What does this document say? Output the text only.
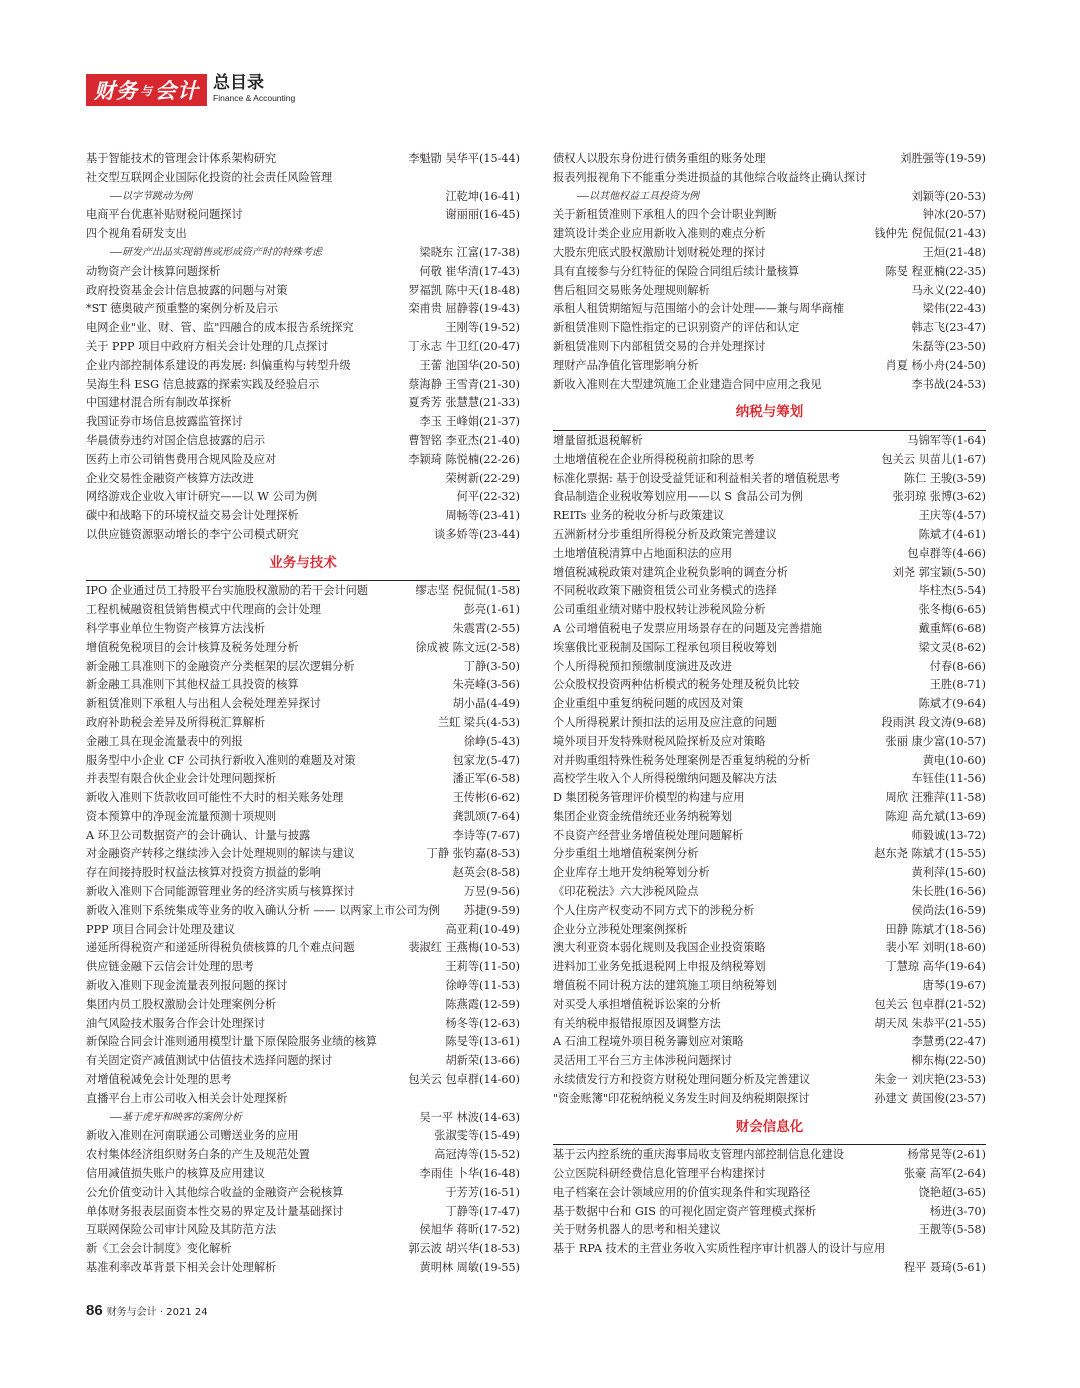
财务 与 会计 总目录
Finance & Accounting
基于智能技术的管理会计体系架构研究	李魁勖 吴华平(15-44)
社交型互联网企业国际化投资的社会责任风险管理
——以字节跳动为例	江乾坤(16-41)
电商平台优惠补贴财税问题探讨	谢丽丽(16-45)
四个视角看研发支出
——研发产出品实现销售或形成资产时的特殊考虑	梁晓东 江富(17-38)
动物资产会计核算问题探析	何敬 崔华清(17-43)
政府投资基金会计信息披露的问题与对策	罗福凯 陈中天(18-48)
*ST 德奥破产预重整的案例分析及启示	栾甫贵 屈静蓉(19-43)
电网企业"业、财、管、监"四融合的成本报告系统探究	王刚等(19-52)
关于 PPP 项目中政府方相关会计处理的几点探讨	丁永志 牛卫红(20-47)
企业内部控制体系建设的再发展: 纠偏重构与转型升级	王蕾 池国华(20-50)
吴海生科 ESG 信息披露的探索实践及经验启示	蔡海静 王雪青(21-30)
中国建材混合所有制改革探析	夏秀芳 张慧慧(21-33)
我国证券市场信息披露监管探讨	李玉 王峰娟(21-37)
华晨债券违约对国企信息披露的启示	曹智铭 李亚杰(21-40)
医药上市公司销售费用合规风险及应对	李颖琦 陈悦楠(22-26)
企业交易性金融资产核算方法改进	荣树新(22-29)
网络游戏企业收入审计研究——以 W 公司为例	何平(22-32)
碳中和战略下的环境权益交易会计处理探析	周畅等(23-41)
以供应链资源驱动增长的李宁公司模式研究	谈多娇等(23-44)
业务与技术
IPO 企业通过员工持股平台实施股权激励的若干会计问题	缪志坚 倪侃侃(1-58)
工程机械融资租赁销售模式中代理商的会计处理	彭亮(1-61)
科学事业单位生物资产核算方法浅析	朱震霄(2-55)
增值税免税项目的会计核算及税务处理分析	徐成被 陈文远(2-58)
新金融工具准则下的金融资产分类框架的层次逻辑分析	丁静(3-50)
新金融工具准则下其他权益工具投资的核算	朱亮峰(3-56)
新租赁准则下承租人与出租人会税处理差异探讨	胡小晶(4-49)
政府补助税会差异及所得税汇算解析	兰虹 梁兵(4-53)
金融工具在现金流量表中的列报	徐峥(5-43)
服务型中小企业 CF 公司执行新收入准则的难题及对策	包家龙(5-47)
并表型有限合伙企业会计处理问题探析	潘正军(6-58)
新收入准则下货款收回可能性不大时的相关账务处理	王传彬(6-62)
资本预算中的净现金流量预测十项规则	龚凯颂(7-64)
A 环卫公司数据资产的会计确认、计量与披露	李诗等(7-67)
对金融资产转移之继续涉入会计处理规则的解读与建议	丁静 张钧嘉(8-53)
存在间接持股时权益法核算对投资方损益的影响	赵英会(8-58)
新收入准则下合同能源管理业务的经济实质与核算探讨	万昱(9-56)
新收入准则下系统集成等业务的收入确认分析 —— 以两家上市公司为例 苏捷(9-59)
PPP 项目合同会计处理及建议	高亚莉(10-49)
递延所得税资产和递延所得税负债核算的几个难点问题	裴淑红 王燕梅(10-53)
供应链金融下云信会计处理的思考	王莉等(11-50)
新收入准则下现金流量表列报问题的探讨	徐峥等(11-53)
集团内员工股权激励会计处理案例分析	陈燕霞(12-59)
油气风险技术服务合作会计处理探讨	杨冬等(12-63)
新保险合同会计准则通用模型计量下原保险服务业绩的核算	陈旻等(13-61)
有关固定资产减值测试中估值技术选择问题的探讨	胡新荣(13-66)
对增值税减免会计处理的思考	包关云 包卓群(14-60)
直播平台上市公司收入相关会计处理探析
——基于虎牙和映客的案例分析	吴一平 林波(14-63)
新收入准则在河南联通公司赠送业务的应用	张淑雯等(15-49)
农村集体经济组织财务白条的产生及规范处置	高冠涛等(15-52)
信用减值损失账户的核算及应用建议	李雨佳 卜华(16-48)
公允价值变动计入其他综合收益的金融资产会税核算	于芳芳(16-51)
单体财务报表层面资本性交易的界定及计量基础探讨	丁静等(17-47)
互联网保险公司审计风险及其防范方法	侯旭华 蒋昕(17-52)
新《工会会计制度》变化解析	郭云波 胡兴华(18-53)
基准利率改革背景下相关会计处理解析	黄明林 周敏(19-55)
债权人以股东身份进行债务重组的账务处理	刘胜强等(19-59)
报表列报视角下不能重分类进损益的其他综合收益终止确认探讨
——以其他权益工具投资为例	刘颖等(20-53)
关于新租赁准则下承租人的四个会计职业判断	钟冰(20-57)
建筑设计类企业应用新收入准则的难点分析	钱仲先 倪侃侃(21-43)
大股东兜底式股权激励计划财税处理的探讨	王烜(21-48)
具有直接参与分红特征的保险合同组后续计量核算	陈旻 程亚楠(22-35)
售后租回交易账务处理规则解析	马永义(22-40)
承租人租赁期缩短与范围缩小的会计处理——兼与周华商榷	梁伟(22-43)
新租赁准则下隐性指定的已识别资产的评估和认定	韩志飞(23-47)
新租赁准则下内部租赁交易的合并处理探讨	朱磊等(23-50)
理财产品净值化管理影响分析	肖夏 杨小舟(24-50)
新收入准则在大型建筑施工企业建造合同中应用之我见	李书战(24-53)
纳税与筹划
增量留抵退税解析	马锦军等(1-64)
土地增值税在企业所得税税前扣除的思考	包关云 贝苗儿(1-67)
标准化票据: 基于创设受益凭证和利益相关者的增值税思考	陈仁 王骏(3-59)
食品制造企业税收筹划应用——以 S 食品公司为例	张羽琼 张博(3-62)
REITs 业务的税收分析与政策建议	王庆等(4-57)
五洲新材分步重组所得税分析及政策完善建议	陈斌才(4-61)
土地增值税清算中占地面积法的应用	包卓群等(4-66)
增值税减税政策对建筑企业税负影响的调查分析	刘尧 郭宝颖(5-50)
不同税收政策下融资租赁公司业务模式的选择	毕柱杰(5-54)
公司重组业绩对赌中股权转让涉税风险分析	张冬梅(6-65)
A 公司增值税电子发票应用场景存在的问题及完善措施	戴重辉(6-68)
埃塞俄比亚税制及国际工程承包项目税收筹划	梁文灵(8-62)
个人所得税预扣预缴制度演进及改进	付春(8-66)
公众股权投资两种估析模式的税务处理及税负比较	王胜(8-71)
企业重组中重复纳税问题的成因及对策	陈斌才(9-64)
个人所得税累计预扣法的运用及应注意的问题	段雨淇 段文涛(9-68)
境外项目开发特殊财税风险探析及应对策略	张丽 康少富(10-57)
对并购重组特殊性税务处理案例是否重复纳税的分析	黄电(10-60)
高校学生收入个人所得税缴纳问题及解决方法	车钰佳(11-56)
D 集团税务管理评价模型的构建与应用	周欣 汪雅萍(11-58)
集团企业资金统借统还业务纳税筹划	陈迎 高允斌(13-69)
不良资产经营业务增值税处理问题解析	师毅诚(13-72)
分步重组土地增值税案例分析	赵东尧 陈斌才(15-55)
企业库存土地开发纳税筹划分析	黄利萍(15-60)
《印花税法》六大涉税风险点	朱长胜(16-56)
个人住房产权变动不同方式下的涉税分析	侯尚法(16-59)
企业分立涉税处理案例探析	田静 陈斌才(18-56)
澳大利亚资本弱化规则及我国企业投资策略	裴小军 刘明(18-60)
进料加工业务免抵退税网上申报及纳税筹划	丁慧琼 高华(19-64)
增值税不同计税方法的建筑施工项目纳税筹划	唐琴(19-67)
对买受人承担增值税诉讼案的分析	包关云 包卓群(21-52)
有关纳税申报错报原因及调整方法	胡天凤 朱恭平(21-55)
A 石油工程境外项目税务籌划应对策略	李慧勇(22-47)
灵活用工平台三方主体涉税问题探讨	柳东梅(22-50)
永续债发行方和投资方财税处理问题分析及完善建议	朱金一 刘庆艳(23-53)
"资金账簿"印花税纳税义务发生时间及纳税期限探讨	孙建文 黄国俊(23-57)
财会信息化
基于云内控系统的重庆海事局收支管理内部控制信息化建设	杨常晃等(2-61)
公立医院科研经费信息化管理平台构建探讨	张豪 高军(2-64)
电子档案在会计领域应用的价值实现条件和实现路径	饶艳超(3-65)
基于数据中台和 GIS 的可视化固定资产管理模式探析	杨进(3-70)
关于财务机器人的思考和相关建议	王靓等(5-58)
基于 RPA 技术的主营业务收入实质性程序审计机器人的设计与应用
程平 聂琦(5-61)
86 财务与会计 · 2021 24
